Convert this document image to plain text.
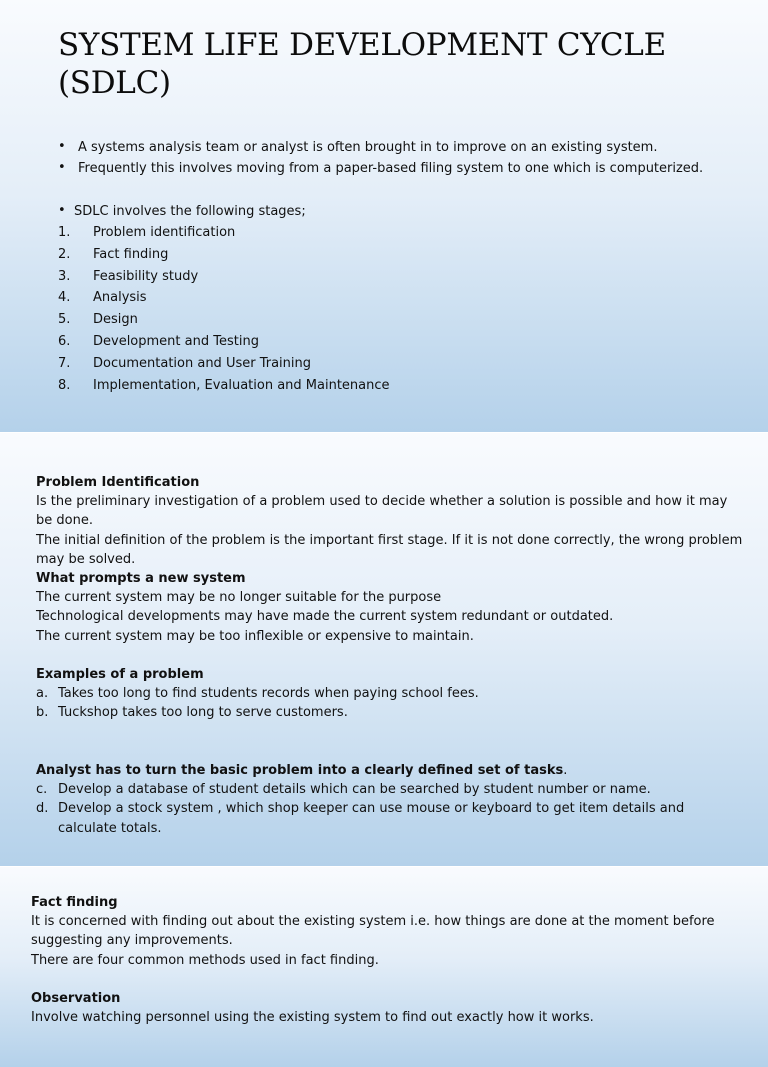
SYSTEM LIFE DEVELOPMENT CYCLE (SDLC)
• A systems analysis team or analyst is often brought in to improve on an existing system.
• Frequently this involves moving from a paper-based filing system to one which is computerized.
• SDLC involves the following stages;
1.	Problem identification
2.	Fact finding
3.	Feasibility study
4.	Analysis
5.	Design
6.	Development and Testing
7.	Documentation and User Training
8.	Implementation, Evaluation and Maintenance

Problem Identification

Is the preliminary investigation of a problem used to decide whether a solution is possible and how it may be done.

The initial definition of the problem is the important first stage. If it is not done correctly, the wrong problem may be solved.

What prompts a new system

The current system may be no longer suitable for the purpose

Technological developments may have made the current system redundant or outdated.

The current system may be too inflexible or expensive to maintain.

Examples of a problem

a. Takes too long to find students records when paying school fees.
b. Tuckshop takes too long to serve customers.

Analyst has to turn the basic problem into a clearly defined set of tasks.

c. Develop a database of student details which can be searched by student number or name.
d. Develop a stock system , which shop keeper can use mouse or keyboard to get item details and calculate totals.

Fact finding

It is concerned with finding out about the existing system i.e. how things are done at the moment before suggesting any improvements.

There are four common methods used in fact finding.

Observation

Involve watching personnel using the existing system to find out exactly how it works.
